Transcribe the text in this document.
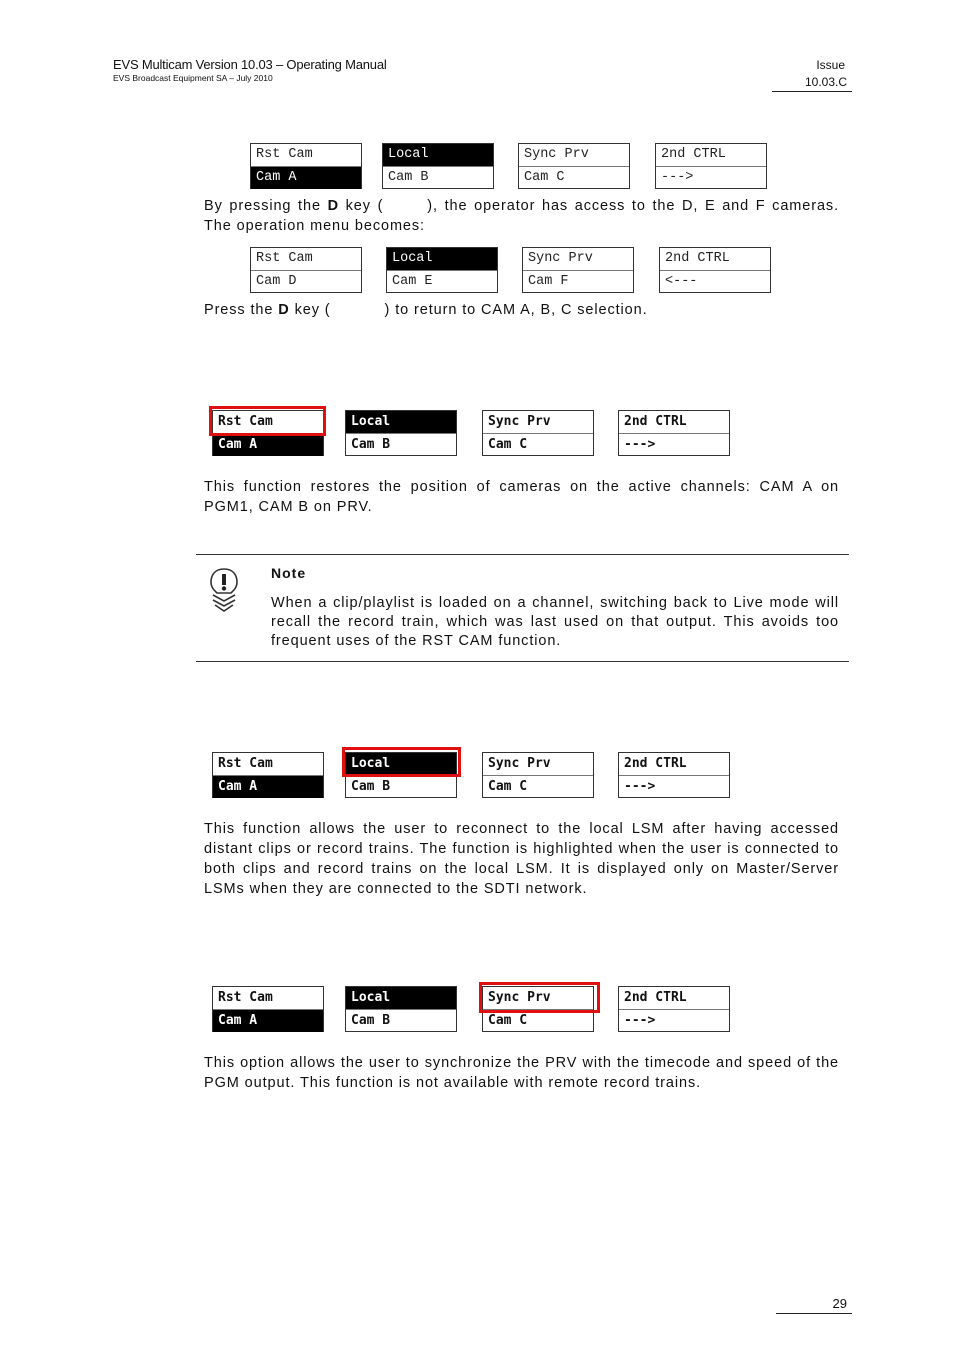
EVS Multicam Version 10.03 – Operating Manual
EVS Broadcast Equipment SA – July 2010
Issue
10.03.C
Rst Cam
Cam A
Local
Cam B
Sync Prv
Cam C
2nd CTRL
--->
By pressing the D key (	), the operator has access to the D, E and F cameras. The operation menu becomes:
Rst Cam
Cam D
Local
Cam E
Sync Prv
Cam F
2nd CTRL
<---
Press the D key (	) to return to CAM A, B, C selection.
Rst Cam
Cam A
Local
Cam B
Sync Prv
Cam C
2nd CTRL
--->
This function restores the position of cameras on the active channels: CAM A on PGM1, CAM B on PRV.
Note
When a clip/playlist is loaded on a channel, switching back to Live mode will recall the record train, which was last used on that output. This avoids too frequent uses of the RST CAM function.
Rst Cam
Cam A
Local
Cam B
Sync Prv
Cam C
2nd CTRL
--->
This function allows the user to reconnect to the local LSM after having accessed distant clips or record trains. The function is highlighted when the user is connected to both clips and record trains on the local LSM. It is displayed only on Master/Server LSMs when they are connected to the SDTI network.
Rst Cam
Cam A
Local
Cam B
Sync Prv
Cam C
2nd CTRL
--->
This option allows the user to synchronize the PRV with the timecode and speed of the PGM output. This function is not available with remote record trains.
29
